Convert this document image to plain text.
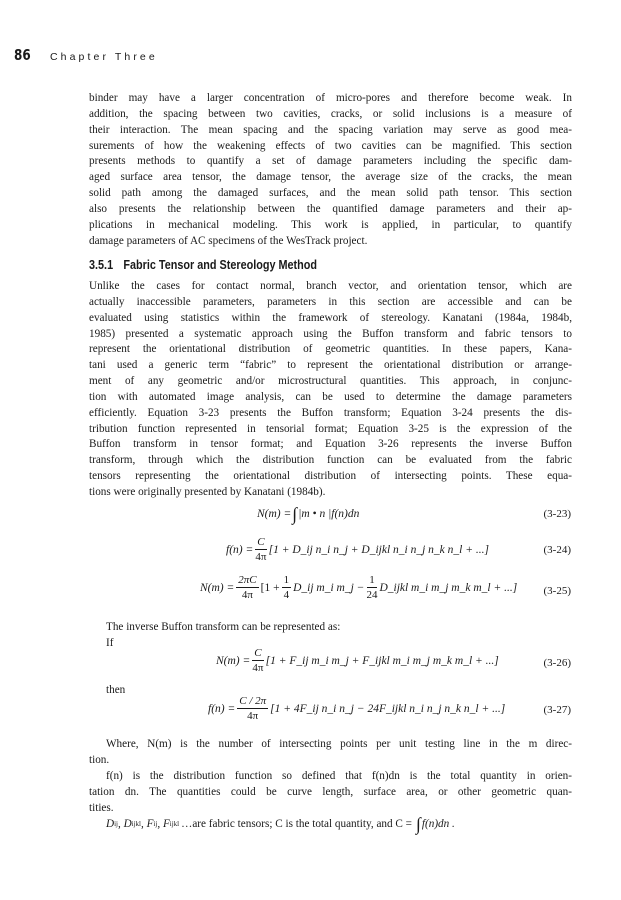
86 Chapter Three
binder may have a larger concentration of micro-pores and therefore become weak. In
addition, the spacing between two cavities, cracks, or solid inclusions is a measure of
their interaction. The mean spacing and the spacing variation may serve as good mea-
surements of how the weakening effects of two cavities can be magnified. This section
presents methods to quantify a set of damage parameters including the specific dam-
aged surface area tensor, the damage tensor, the average size of the cracks, the mean
solid path among the damaged surfaces, and the mean solid path tensor. This section
also presents the relationship between the quantified damage parameters and their ap-
plications in mechanical modeling. This work is applied, in particular, to quantify
damage parameters of AC specimens of the WesTrack project.
3.5.1 Fabric Tensor and Stereology Method
Unlike the cases for contact normal, branch vector, and orientation tensor, which are
actually inaccessible parameters, parameters in this section are accessible and can be
evaluated using statistics within the framework of stereology. Kanatani (1984a, 1984b,
1985) presented a systematic approach using the Buffon transform and fabric tensors to
represent the orientational distribution of geometric quantities. In these papers, Kana-
tani used a generic term “fabric” to represent the orientational distribution or arrange-
ment of any geometric and/or microstructural quantities. This approach, in conjunc-
tion with automated image analysis, can be used to determine the damage parameters
efficiently. Equation 3-23 presents the Buffon transform; Equation 3-24 presents the dis-
tribution function represented in tensorial format; Equation 3-25 is the expression of the
Buffon transform in tensor format; and Equation 3-26 represents the inverse Buffon
transform, through which the distribution function can be evaluated from the fabric
tensors representing the orientational distribution of intersecting points. These equa-
tions were originally presented by Kanatani (1984b).
N(m) = ∫ |m • n |f(n)dn	(3-23)
$f(n) = \frac{C}{4\pi} [1$ + D_ij n_i n_j + D_ijkl n_i n_j n_k n_l + ...]	(3-24)
$N(m) = \frac{2\pi C}{4\pi} [1 + \frac{1}{4}$ D_ij m_i m_j − $\frac{1}{24}$ D_ijkl m_i m_j m_k m_l + ...] (3-25)
The inverse Buffon transform can be represented as:
If
$N(m) = \frac{C}{4\pi} [1$ + F_ij m_i m_j + F_ijkl m_i m_j m_k m_l + ...]	(3-26)
then
$f(n) = \frac{C / 2\pi}{4\pi} [1$ + 4F_ij n_i n_j − 24F_ijkl n_i n_j n_k n_l + ...]	(3-27)
Where, N(m) is the number of intersecting points per unit testing line in the m direc-
tion.
f(n) is the distribution function so defined that f(n)dn is the total quantity in orien-
tation dn. The quantities could be curve length, surface area, or other geometric quan-
tities.
D ij , D ijkl , F ij , F ijkl …are fabric tensors; C is the total quantity, and C = ∫ f(n)dn .
